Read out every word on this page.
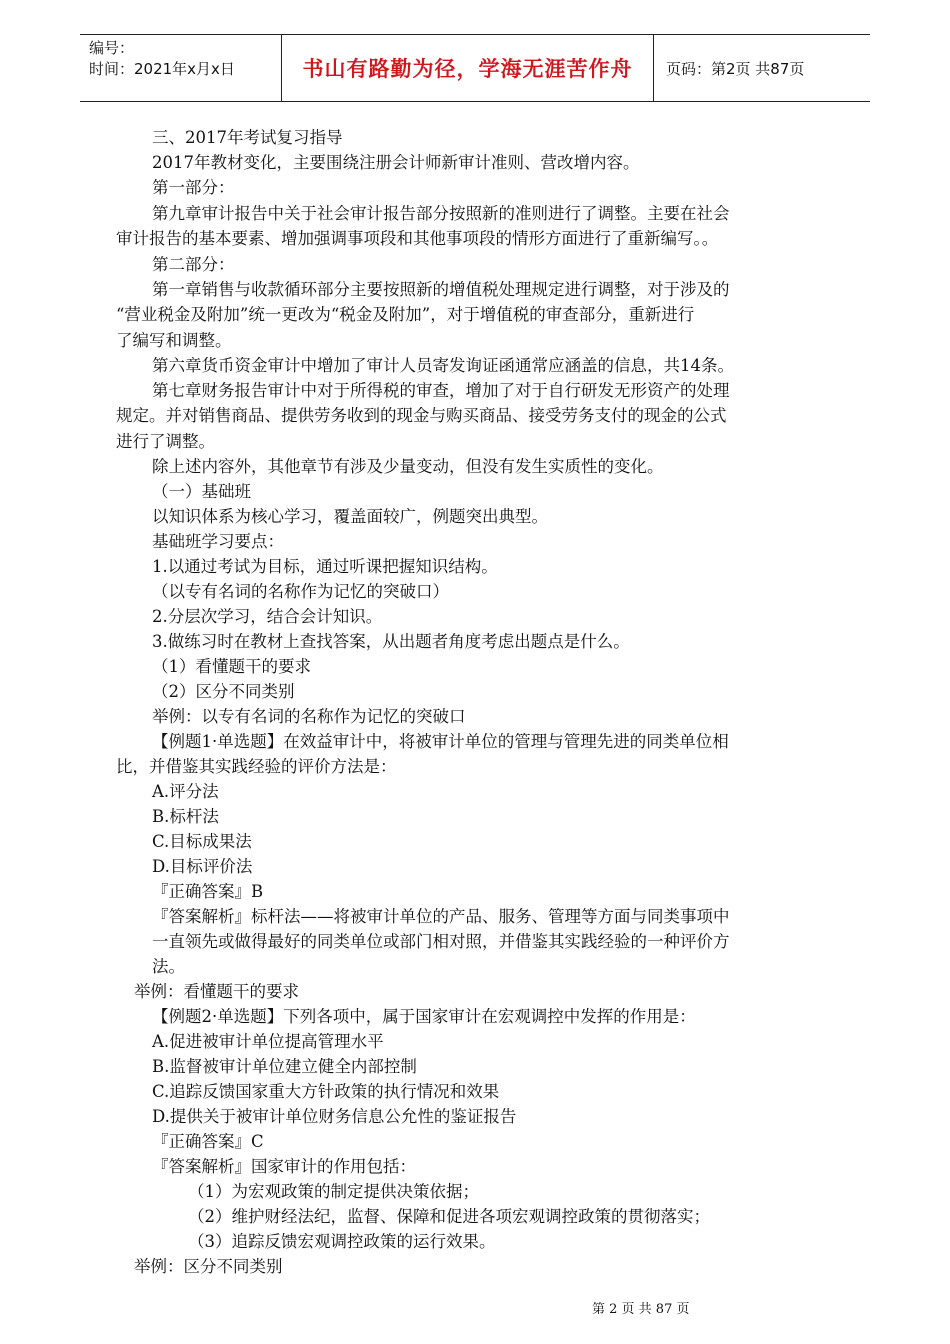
编号：
时间：2021年x月x日	书山有路勤为径，学海无涯苦作舟	页码：第2页 共87页
三、2017年考试复习指导
2017年教材变化，主要围绕注册会计师新审计准则、营改增内容。
第一部分：
第九章审计报告中关于社会审计报告部分按照新的准则进行了调整。主要在社会
审计报告的基本要素、增加强调事项段和其他事项段的情形方面进行了重新编写。。
第二部分：
第一章销售与收款循环部分主要按照新的增值税处理规定进行调整，对于涉及的
“营业税金及附加”统一更改为“税金及附加”，对于增值税的审查部分，重新进行
了编写和调整。
第六章货币资金审计中增加了审计人员寄发询证函通常应涵盖的信息，共14条。
第七章财务报告审计中对于所得税的审查，增加了对于自行研发无形资产的处理
规定。并对销售商品、提供劳务收到的现金与购买商品、接受劳务支付的现金的公式
进行了调整。
除上述内容外，其他章节有涉及少量变动，但没有发生实质性的变化。
（一）基础班
以知识体系为核心学习，覆盖面较广，例题突出典型。
基础班学习要点：
1.以通过考试为目标，通过听课把握知识结构。
（以专有名词的名称作为记忆的突破口）
2.分层次学习，结合会计知识。
3.做练习时在教材上查找答案，从出题者角度考虑出题点是什么。
（1）看懂题干的要求
（2）区分不同类别
举例：以专有名词的名称作为记忆的突破口
【例题1·单选题】在效益审计中，将被审计单位的管理与管理先进的同类单位相
比，并借鉴其实践经验的评价方法是：
A.评分法
B.标杆法
C.目标成果法
D.目标评价法
『正确答案』B
『答案解析』标杆法——将被审计单位的产品、服务、管理等方面与同类事项中
一直领先或做得最好的同类单位或部门相对照，并借鉴其实践经验的一种评价方
法。
举例：看懂题干的要求
【例题2·单选题】下列各项中，属于国家审计在宏观调控中发挥的作用是：
A.促进被审计单位提高管理水平
B.监督被审计单位建立健全内部控制
C.追踪反馈国家重大方针政策的执行情况和效果
D.提供关于被审计单位财务信息公允性的鉴证报告
『正确答案』C
『答案解析』国家审计的作用包括：
（1）为宏观政策的制定提供决策依据；
（2）维护财经法纪，监督、保障和促进各项宏观调控政策的贯彻落实；
（3）追踪反馈宏观调控政策的运行效果。
举例：区分不同类别
第 2 页 共 87 页
